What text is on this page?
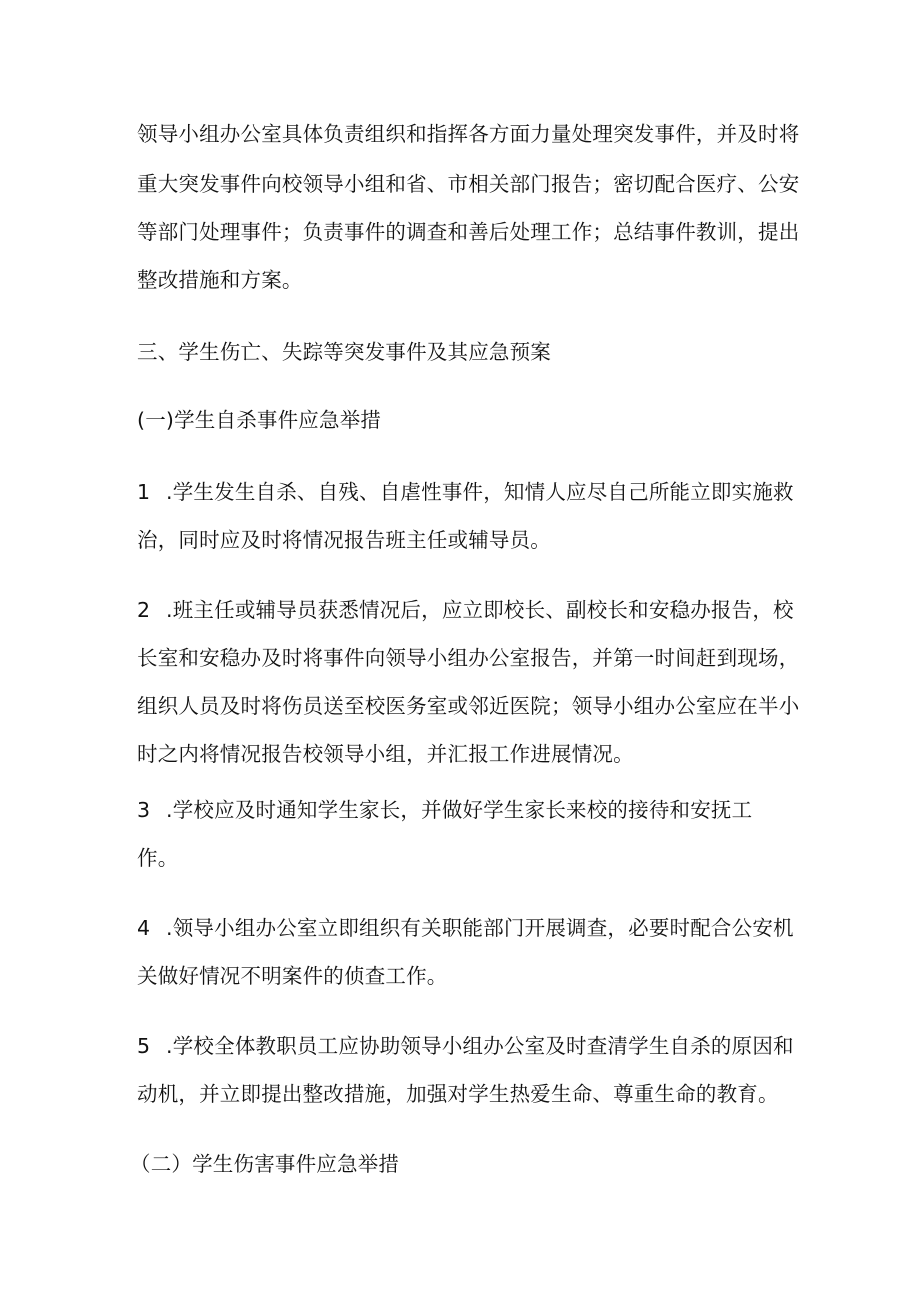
领导小组办公室具体负责组织和指挥各方面力量处理突发事件，并及时将
重大突发事件向校领导小组和省、市相关部门报告；密切配合医疗、公安
等部门处理事件；负责事件的调查和善后处理工作；总结事件教训，提出
整改措施和方案。
三、学生伤亡、失踪等突发事件及其应急预案
(一)学生自杀事件应急举措
1 .学生发生自杀、自残、自虐性事件，知情人应尽自己所能立即实施救
治，同时应及时将情况报告班主任或辅导员。
2 .班主任或辅导员获悉情况后，应立即校长、副校长和安稳办报告，校
长室和安稳办及时将事件向领导小组办公室报告，并第一时间赶到现场，
组织人员及时将伤员送至校医务室或邻近医院；领导小组办公室应在半小
时之内将情况报告校领导小组，并汇报工作进展情况。
3 .学校应及时通知学生家长，并做好学生家长来校的接待和安抚工
作。
4 .领导小组办公室立即组织有关职能部门开展调查，必要时配合公安机
关做好情况不明案件的侦查工作。
5 .学校全体教职员工应协助领导小组办公室及时查清学生自杀的原因和
动机，并立即提出整改措施，加强对学生热爱生命、尊重生命的教育。
（二）学生伤害事件应急举措
